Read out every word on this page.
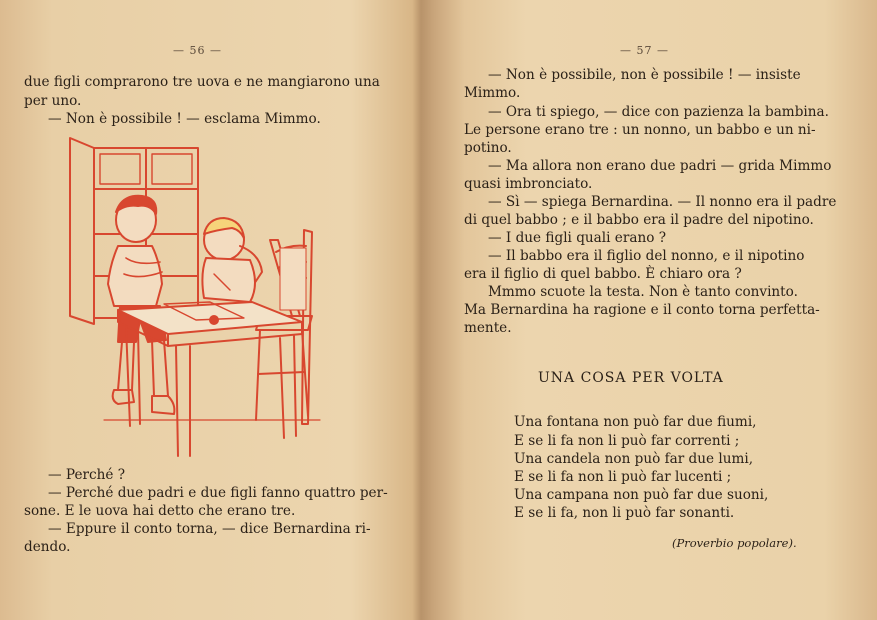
— 56 —
due figli comprarono tre uova e ne mangiarono una
per uno.
— Non è possibile ! — esclama Mimmo.
— Perché ?
— Perché due padri e due figli fanno quattro per-
sone. E le uova hai detto che erano tre.
— Eppure il conto torna, — dice Bernardina ri-
dendo.
— 57 —
— Non è possibile, non è possibile ! — insiste
Mimmo.
— Ora ti spiego, — dice con pazienza la bambina.
Le persone erano tre : un nonno, un babbo e un ni-
potino.
— Ma allora non erano due padri — grida Mimmo
quasi imbronciato.
— Sì — spiega Bernardina. — Il nonno era il padre
di quel babbo ; e il babbo era il padre del nipotino.
— I due figli quali erano ?
— Il babbo era il figlio del nonno, e il nipotino
era il figlio di quel babbo. È chiaro ora ?
Mmmo scuote la testa. Non è tanto convinto.
Ma Bernardina ha ragione e il conto torna perfetta-
mente.
UNA COSA PER VOLTA
Una fontana non può far due fiumi,
E se li fa non li può far correnti ;
Una candela non può far due lumi,
E se li fa non li può far lucenti ;
Una campana non può far due suoni,
E se li fa, non li può far sonanti.
(Proverbio popolare).
